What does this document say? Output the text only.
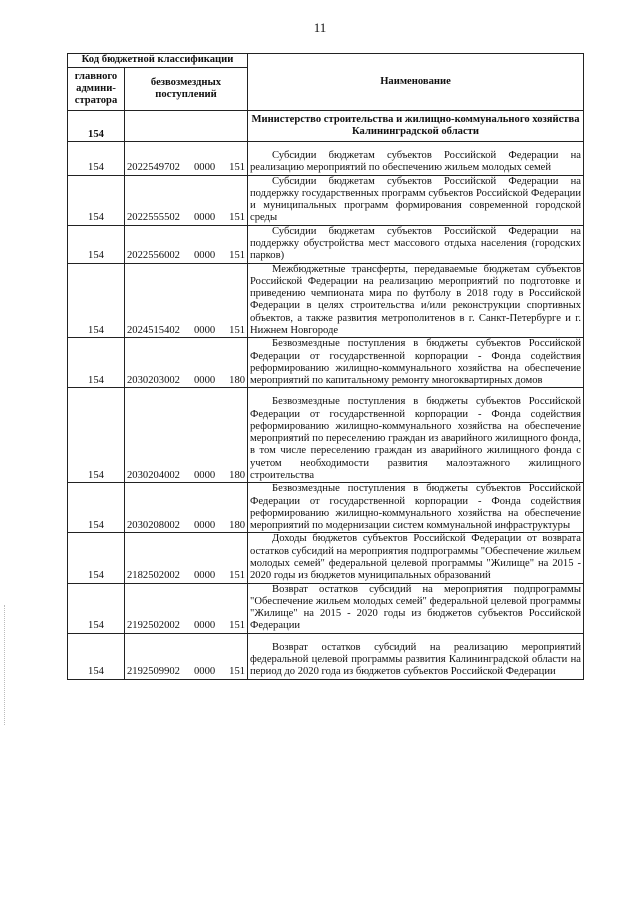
11
Код бюджетной классификации		Наименование
главного админи-стратора	безвозмездных поступлений	
154		Министерство строительства и жилищно-коммунального хозяйства Калининградской области
154	2022549702 0000 151	Субсидии бюджетам субъектов Российской Федерации на реализацию мероприятий по обеспечению жильем молодых семей
154	2022555502 0000 151	Субсидии бюджетам субъектов Российской Федерации на поддержку государственных программ субъектов Российской Федерации и муниципальных программ формирования современной городской среды
154	2022556002 0000 151	Субсидии бюджетам субъектов Российской Федерации на поддержку обустройства мест массового отдыха населения (городских парков)
154	2024515402 0000 151	Межбюджетные трансферты, передаваемые бюджетам субъектов Российской Федерации на реализацию мероприятий по подготовке и приведению чемпионата мира по футболу в 2018 году в Российской Федерации в целях строительства и/или реконструкции спортивных объектов, а также развития метрополитенов в г. Санкт-Петербурге и г. Нижнем Новгороде
154	2030203002 0000 180	Безвозмездные поступления в бюджеты субъектов Российской Федерации от государственной корпорации - Фонда содействия реформированию жилищно-коммунального хозяйства на обеспечение мероприятий по капитальному ремонту многоквартирных домов
154	2030204002 0000 180	Безвозмездные поступления в бюджеты субъектов Российской Федерации от государственной корпорации - Фонда содействия реформированию жилищно-коммунального хозяйства на обеспечение мероприятий по переселению граждан из аварийного жилищного фонда, в том числе переселению граждан из аварийного жилищного фонда с учетом необходимости развития малоэтажного жилищного строительства
154	2030208002 0000 180	Безвозмездные поступления в бюджеты субъектов Российской Федерации от государственной корпорации - Фонда содействия реформированию жилищно-коммунального хозяйства на обеспечение мероприятий по модернизации систем коммунальной инфраструктуры
154	2182502002 0000 151	Доходы бюджетов субъектов Российской Федерации от возврата остатков субсидий на мероприятия подпрограммы "Обеспечение жильем молодых семей" федеральной целевой программы "Жилище" на 2015 - 2020 годы из бюджетов муниципальных образований
154	2192502002 0000 151	Возврат остатков субсидий на мероприятия подпрограммы "Обеспечение жильем молодых семей" федеральной целевой программы "Жилище" на 2015 - 2020 годы из бюджетов субъектов Российской Федерации
154	2192509902 0000 151	Возврат остатков субсидий на реализацию мероприятий федеральной целевой программы развития Калининградской области на период до 2020 года из бюджетов субъектов Российской Федерации
